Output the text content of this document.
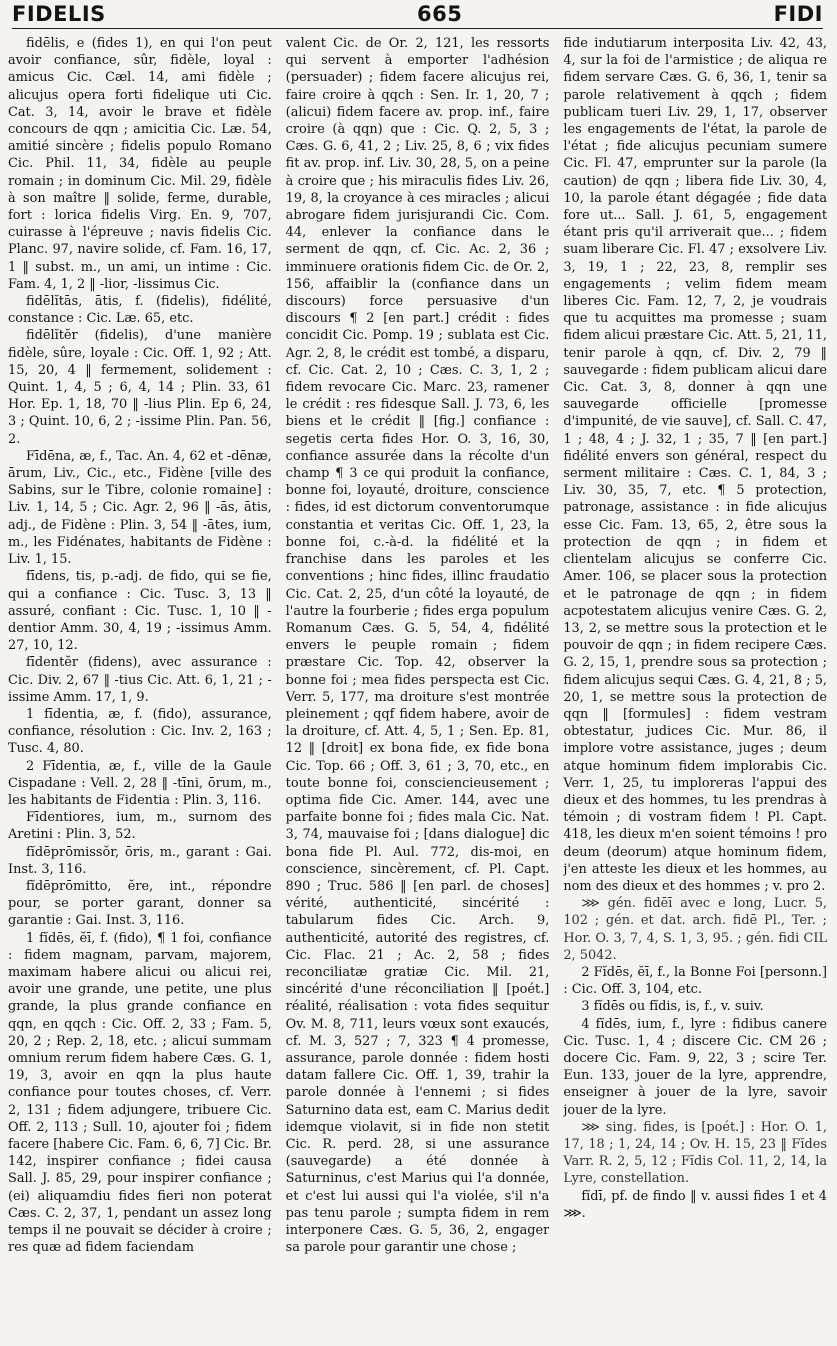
FIDELIS	665	FIDI

fidēlis, e (fides 1), en qui l'on peut avoir confiance, sûr, fidèle, loyal : amicus Cic. Cæl. 14, ami fidèle ; alicujus opera forti fidelique uti Cic. Cat. 3, 14, avoir le brave et fidèle concours de qqn ; amicitia Cic. Læ. 54, amitié sincère ; fidelis populo Romano Cic. Phil. 11, 34, fidèle au peuple romain ; in dominum Cic. Mil. 29, fidèle à son maître ‖ solide, ferme, durable, fort : lorica fidelis Virg. En. 9, 707, cuirasse à l'épreuve ; navis fidelis Cic. Planc. 97, navire solide, cf. Fam. 16, 17, 1 ‖ subst. m., un ami, un intime : Cic. Fam. 4, 1, 2 ‖ -lior, -lissimus Cic.

fidēlĭtās, ātis, f. (fidelis), fidélité, constance : Cic. Læ. 65, etc.

fidēlĭtĕr (fidelis), d'une manière fidèle, sûre, loyale : Cic. Off. 1, 92 ; Att. 15, 20, 4 ‖ fermement, solidement : Quint. 1, 4, 5 ; 6, 4, 14 ; Plin. 33, 61 Hor. Ep. 1, 18, 70 ‖ -lius Plin. Ep 6, 24, 3 ; Quint. 10, 6, 2 ; -issime Plin. Pan. 56, 2.

Fīdēna, æ, f., Tac. An. 4, 62 et -dēnæ, ārum, Liv., Cic., etc., Fidène [ville des Sabins, sur le Tibre, colonie romaine] : Liv. 1, 14, 5 ; Cic. Agr. 2, 96 ‖ -ās, ātis, adj., de Fidène : Plin. 3, 54 ‖ -ātes, ium, m., les Fidénates, habitants de Fidène : Liv. 1, 15.

fīdens, tis, p.-adj. de fido, qui se fie, qui a confiance : Cic. Tusc. 3, 13 ‖ assuré, confiant : Cic. Tusc. 1, 10 ‖ -dentior Amm. 30, 4, 19 ; -issimus Amm. 27, 10, 12.

fīdentĕr (fidens), avec assurance : Cic. Div. 2, 67 ‖ -tius Cic. Att. 6, 1, 21 ; -issime Amm. 17, 1, 9.

1 fīdentia, æ, f. (fido), assurance, confiance, résolution : Cic. Inv. 2, 163 ; Tusc. 4, 80.

2 Fīdentia, æ, f., ville de la Gaule Cispadane : Vell. 2, 28 ‖ -tīni, ōrum, m., les habitants de Fidentia : Plin. 3, 116.

Fīdentiores, ium, m., surnom des Aretini : Plin. 3, 52.

fĭdēprōmissŏr, ōris, m., garant : Gai. Inst. 3, 116.

fĭdēprōmitto, ĕre, int., répondre pour, se porter garant, donner sa garantie : Gai. Inst. 3, 116.

1 fĭdēs, ĕī, f. (fido), ¶ 1 foi, confiance : fidem magnam, parvam, majorem, maximam habere alicui ou alicui rei, avoir une grande, une petite, une plus grande, la plus grande confiance en qqn, en qqch : Cic. Off. 2, 33 ; Fam. 5, 20, 2 ; Rep. 2, 18, etc. ; alicui summam omnium rerum fidem habere Cæs. G. 1, 19, 3, avoir en qqn la plus haute confiance pour toutes choses, cf. Verr. 2, 131 ; fidem adjungere, tribuere Cic. Off. 2, 113 ; Sull. 10, ajouter foi ; fidem facere [habere Cic. Fam. 6, 6, 7] Cic. Br. 142, inspirer confiance ; fidei causa Sall. J. 85, 29, pour inspirer confiance ; (ei) aliquamdiu fides fieri non poterat Cæs. C. 2, 37, 1, pendant un assez long temps il ne pouvait se décider à croire ; res quæ ad fidem faciendam

valent Cic. de Or. 2, 121, les ressorts qui servent à emporter l'adhésion (persuader) ; fidem facere alicujus rei, faire croire à qqch : Sen. Ir. 1, 20, 7 ; (alicui) fidem facere av. prop. inf., faire croire (à qqn) que : Cic. Q. 2, 5, 3 ; Cæs. G. 6, 41, 2 ; Liv. 25, 8, 6 ; vix fides fit av. prop. inf. Liv. 30, 28, 5, on a peine à croire que ; his miraculis fides Liv. 26, 19, 8, la croyance à ces miracles ; alicui abrogare fidem jurisjurandi Cic. Com. 44, enlever la confiance dans le serment de qqn, cf. Cic. Ac. 2, 36 ; imminuere orationis fidem Cic. de Or. 2, 156, affaiblir la (confiance dans un discours) force persuasive d'un discours ¶ 2 [en part.] crédit : fides concidit Cic. Pomp. 19 ; sublata est Cic. Agr. 2, 8, le crédit est tombé, a disparu, cf. Cic. Cat. 2, 10 ; Cæs. C. 3, 1, 2 ; fidem revocare Cic. Marc. 23, ramener le crédit : res fidesque Sall. J. 73, 6, les biens et le crédit ‖ [fig.] confiance : segetis certa fides Hor. O. 3, 16, 30, confiance assurée dans la récolte d'un champ ¶ 3 ce qui produit la confiance, bonne foi, loyauté, droiture, conscience : fides, id est dictorum conventorumque constantia et veritas Cic. Off. 1, 23, la bonne foi, c.-à-d. la fidélité et la franchise dans les paroles et les conventions ; hinc fides, illinc fraudatio Cic. Cat. 2, 25, d'un côté la loyauté, de l'autre la fourberie ; fides erga populum Romanum Cæs. G. 5, 54, 4, fidélité envers le peuple romain ; fidem præstare Cic. Top. 42, observer la bonne foi ; mea fides perspecta est Cic. Verr. 5, 177, ma droiture s'est montrée pleinement ; qqf fidem habere, avoir de la droiture, cf. Att. 4, 5, 1 ; Sen. Ep. 81, 12 ‖ [droit] ex bona fide, ex fide bona Cic. Top. 66 ; Off. 3, 61 ; 3, 70, etc., en toute bonne foi, consciencieusement ; optima fide Cic. Amer. 144, avec une parfaite bonne foi ; fides mala Cic. Nat. 3, 74, mauvaise foi ; [dans dialogue] dic bona fide Pl. Aul. 772, dis-moi, en conscience, sincèrement, cf. Pl. Capt. 890 ; Truc. 586 ‖ [en parl. de choses] vérité, authenticité, sincérité : tabularum fides Cic. Arch. 9, authenticité, autorité des registres, cf. Cic. Flac. 21 ; Ac. 2, 58 ; fides reconciliatæ gratiæ Cic. Mil. 21, sincérité d'une réconciliation ‖ [poét.] réalité, réalisation : vota fides sequitur Ov. M. 8, 711, leurs vœux sont exaucés, cf. M. 3, 527 ; 7, 323 ¶ 4 promesse, assurance, parole donnée : fidem hosti datam fallere Cic. Off. 1, 39, trahir la parole donnée à l'ennemi ; si fides Saturnino data est, eam C. Marius dedit idemque violavit, si in fide non stetit Cic. R. perd. 28, si une assurance (sauvegarde) a été donnée à Saturninus, c'est Marius qui l'a donnée, et c'est lui aussi qui l'a violée, s'il n'a pas tenu parole ; sumpta fidem in rem interponere Cæs. G. 5, 36, 2, engager sa parole pour garantir une chose ;

fide indutiarum interposita Liv. 42, 43, 4, sur la foi de l'armistice ; de aliqua re fidem servare Cæs. G. 6, 36, 1, tenir sa parole relativement à qqch ; fidem publicam tueri Liv. 29, 1, 17, observer les engagements de l'état, la parole de l'état ; fide alicujus pecuniam sumere Cic. Fl. 47, emprunter sur la parole (la caution) de qqn ; libera fide Liv. 30, 4, 10, la parole étant dégagée ; fide data fore ut... Sall. J. 61, 5, engagement étant pris qu'il arriverait que... ; fidem suam liberare Cic. Fl. 47 ; exsolvere Liv. 3, 19, 1 ; 22, 23, 8, remplir ses engagements ; velim fidem meam liberes Cic. Fam. 12, 7, 2, je voudrais que tu acquittes ma promesse ; suam fidem alicui præstare Cic. Att. 5, 21, 11, tenir parole à qqn, cf. Div. 2, 79 ‖ sauvegarde : fidem publicam alicui dare Cic. Cat. 3, 8, donner à qqn une sauvegarde officielle [promesse d'impunité, de vie sauve], cf. Sall. C. 47, 1 ; 48, 4 ; J. 32, 1 ; 35, 7 ‖ [en part.] fidélité envers son général, respect du serment militaire : Cæs. C. 1, 84, 3 ; Liv. 30, 35, 7, etc. ¶ 5 protection, patronage, assistance : in fide alicujus esse Cic. Fam. 13, 65, 2, être sous la protection de qqn ; in fidem et clientelam alicujus se conferre Cic. Amer. 106, se placer sous la protection et le patronage de qqn ; in fidem acpotestatem alicujus venire Cæs. G. 2, 13, 2, se mettre sous la protection et le pouvoir de qqn ; in fidem recipere Cæs. G. 2, 15, 1, prendre sous sa protection ; fidem alicujus sequi Cæs. G. 4, 21, 8 ; 5, 20, 1, se mettre sous la protection de qqn ‖ [formules] : fidem vestram obtestatur, judices Cic. Mur. 86, il implore votre assistance, juges ; deum atque hominum fidem implorabis Cic. Verr. 1, 25, tu imploreras l'appui des dieux et des hommes, tu les prendras à témoin ; di vostram fidem ! Pl. Capt. 418, les dieux m'en soient témoins ! pro deum (deorum) atque hominum fidem, j'en atteste les dieux et les hommes, au nom des dieux et des hommes ; v. pro 2.

⋙ gén. fidēī avec e long, Lucr. 5, 102 ; gén. et dat. arch. fidē Pl., Ter. ; Hor. O. 3, 7, 4, S. 1, 3, 95. ; gén. fidi CIL 2, 5042.

2 Fĭdēs, ĕī, f., la Bonne Foi [personn.] : Cic. Off. 3, 104, etc.

3 fĭdēs ou fĭdis, is, f., v. suiv.

4 fĭdēs, ium, f., lyre : fidibus canere Cic. Tusc. 1, 4 ; discere Cic. CM 26 ; docere Cic. Fam. 9, 22, 3 ; scire Ter. Eun. 133, jouer de la lyre, apprendre, enseigner à jouer de la lyre, savoir jouer de la lyre.

⋙ sing. fides, is [poét.] : Hor. O. 1, 17, 18 ; 1, 24, 14 ; Ov. H. 15, 23 ‖ Fĭdes Varr. R. 2, 5, 12 ; Fĭdis Col. 11, 2, 14, la Lyre, constellation.

fĭdī, pf. de findo ‖ v. aussi fides 1 et 4 ⋙.
